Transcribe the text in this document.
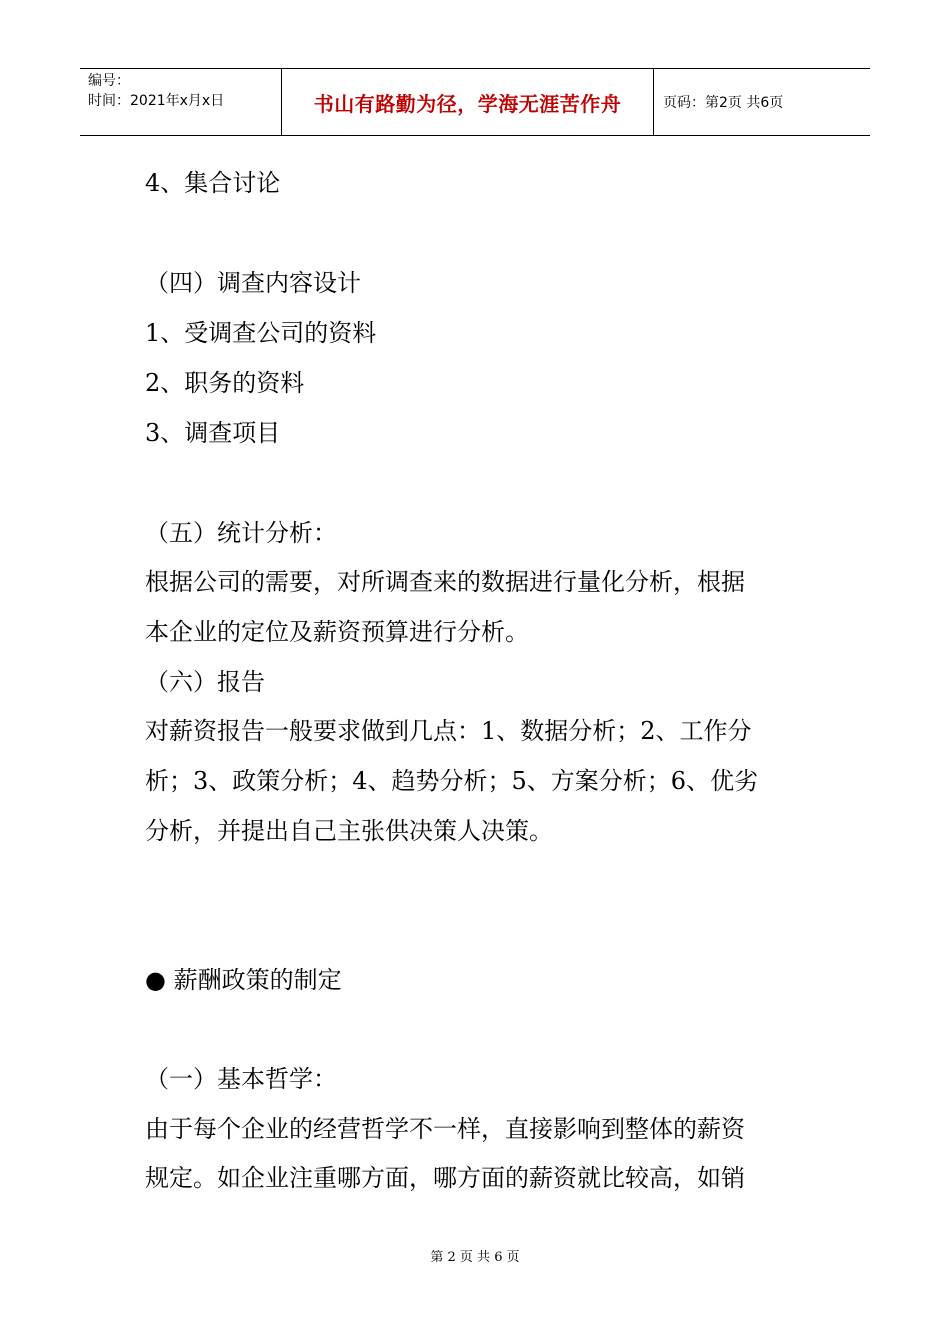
编号：
时间：2021年x月x日	书山有路勤为径，学海无涯苦作舟	页码：第2页 共6页
4、集合讨论
（四）调查内容设计
1、受调查公司的资料
2、职务的资料
3、调查项目
（五）统计分析：
根据公司的需要，对所调查来的数据进行量化分析，根据
本企业的定位及薪资预算进行分析。
（六）报告
对薪资报告一般要求做到几点：1、数据分析；2、工作分
析；3、政策分析；4、趋势分析；5、方案分析；6、优劣
分析，并提出自己主张供决策人决策。
● 薪酬政策的制定
（一）基本哲学：
由于每个企业的经营哲学不一样，直接影响到整体的薪资
规定。如企业注重哪方面，哪方面的薪资就比较高，如销
第 2 页 共 6 页
